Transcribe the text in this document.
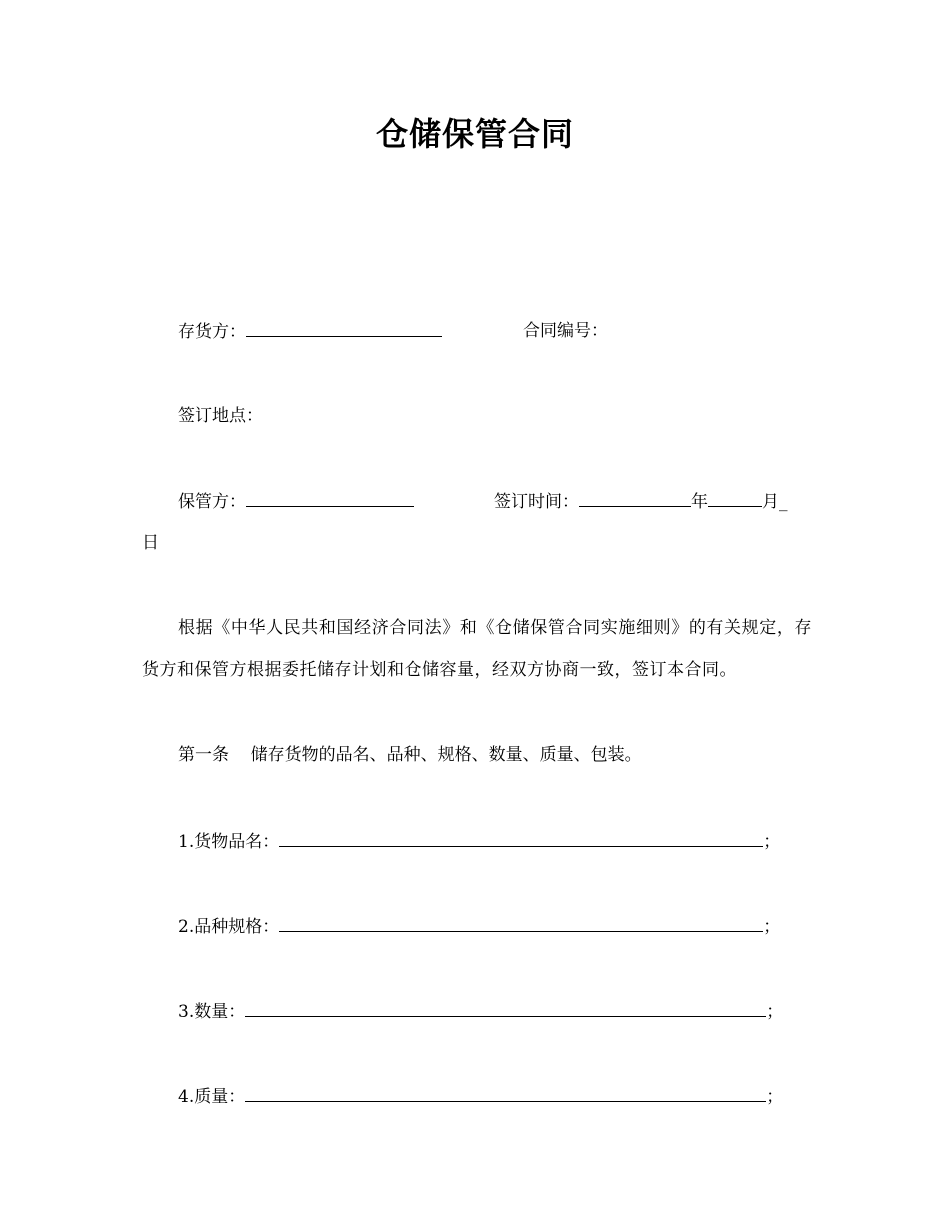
仓储保管合同
存货方：	合同编号：
签订地点：
保管方：	签订时间：	年	月_
日
根据《中华人民共和国经济合同法》和《仓储保管合同实施细则》的有关规定，存货方和保管方根据委托储存计划和仓储容量，经双方协商一致，签订本合同。
第一条    储存货物的品名、品种、规格、数量、质量、包装。
1.货物品名：	；
2.品种规格：	；
3.数量：	；
4.质量：	；
